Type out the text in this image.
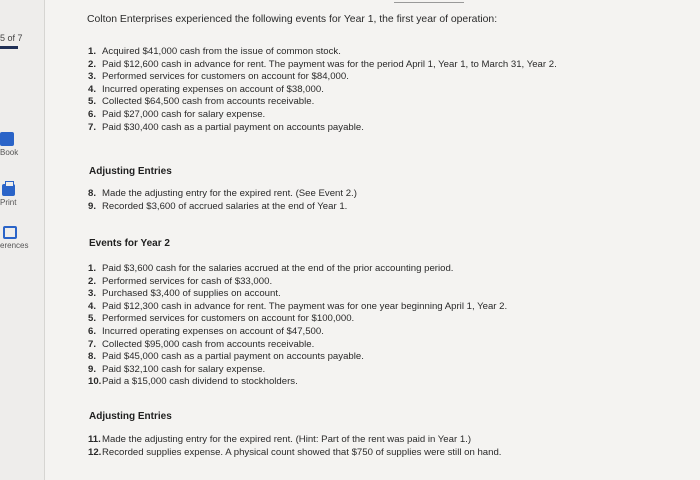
5 of 7
Book
Print
erences
Colton Enterprises experienced the following events for Year 1, the first year of operation:
1. Acquired $41,000 cash from the issue of common stock.
2. Paid $12,600 cash in advance for rent. The payment was for the period April 1, Year 1, to March 31, Year 2.
3. Performed services for customers on account for $84,000.
4. Incurred operating expenses on account of $38,000.
5. Collected $64,500 cash from accounts receivable.
6. Paid $27,000 cash for salary expense.
7. Paid $30,400 cash as a partial payment on accounts payable.
Adjusting Entries
8. Made the adjusting entry for the expired rent. (See Event 2.)
9. Recorded $3,600 of accrued salaries at the end of Year 1.
Events for Year 2
1. Paid $3,600 cash for the salaries accrued at the end of the prior accounting period.
2. Performed services for cash of $33,000.
3. Purchased $3,400 of supplies on account.
4. Paid $12,300 cash in advance for rent. The payment was for one year beginning April 1, Year 2.
5. Performed services for customers on account for $100,000.
6. Incurred operating expenses on account of $47,500.
7. Collected $95,000 cash from accounts receivable.
8. Paid $45,000 cash as a partial payment on accounts payable.
9. Paid $32,100 cash for salary expense.
10. Paid a $15,000 cash dividend to stockholders.
Adjusting Entries
11. Made the adjusting entry for the expired rent. (Hint: Part of the rent was paid in Year 1.)
12. Recorded supplies expense. A physical count showed that $750 of supplies were still on hand.
